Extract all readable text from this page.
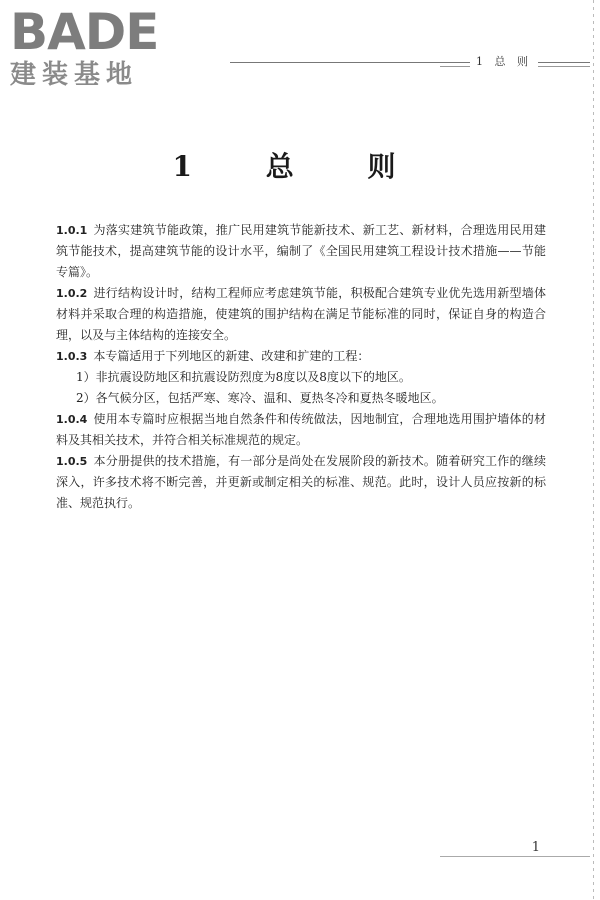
BADE
建装基地	1 总 则
1 总 则

1.0.1 为落实建筑节能政策，推广民用建筑节能新技术、新工艺、新材料，合理选用民用建筑节能技术，提高建筑节能的设计水平，编制了《全国民用建筑工程设计技术措施——节能专篇》。

1.0.2 进行结构设计时，结构工程师应考虑建筑节能，积极配合建筑专业优先选用新型墙体材料并采取合理的构造措施，使建筑的围护结构在满足节能标准的同时，保证自身的构造合理，以及与主体结构的连接安全。

1.0.3 本专篇适用于下列地区的新建、改建和扩建的工程：

1）非抗震设防地区和抗震设防烈度为8度以及8度以下的地区。

2）各气候分区，包括严寒、寒冷、温和、夏热冬冷和夏热冬暖地区。

1.0.4 使用本专篇时应根据当地自然条件和传统做法，因地制宜，合理地选用围护墙体的材料及其相关技术，并符合相关标准规范的规定。

1.0.5 本分册提供的技术措施，有一部分是尚处在发展阶段的新技术。随着研究工作的继续深入，许多技术将不断完善，并更新或制定相关的标准、规范。此时，设计人员应按新的标准、规范执行。

1
